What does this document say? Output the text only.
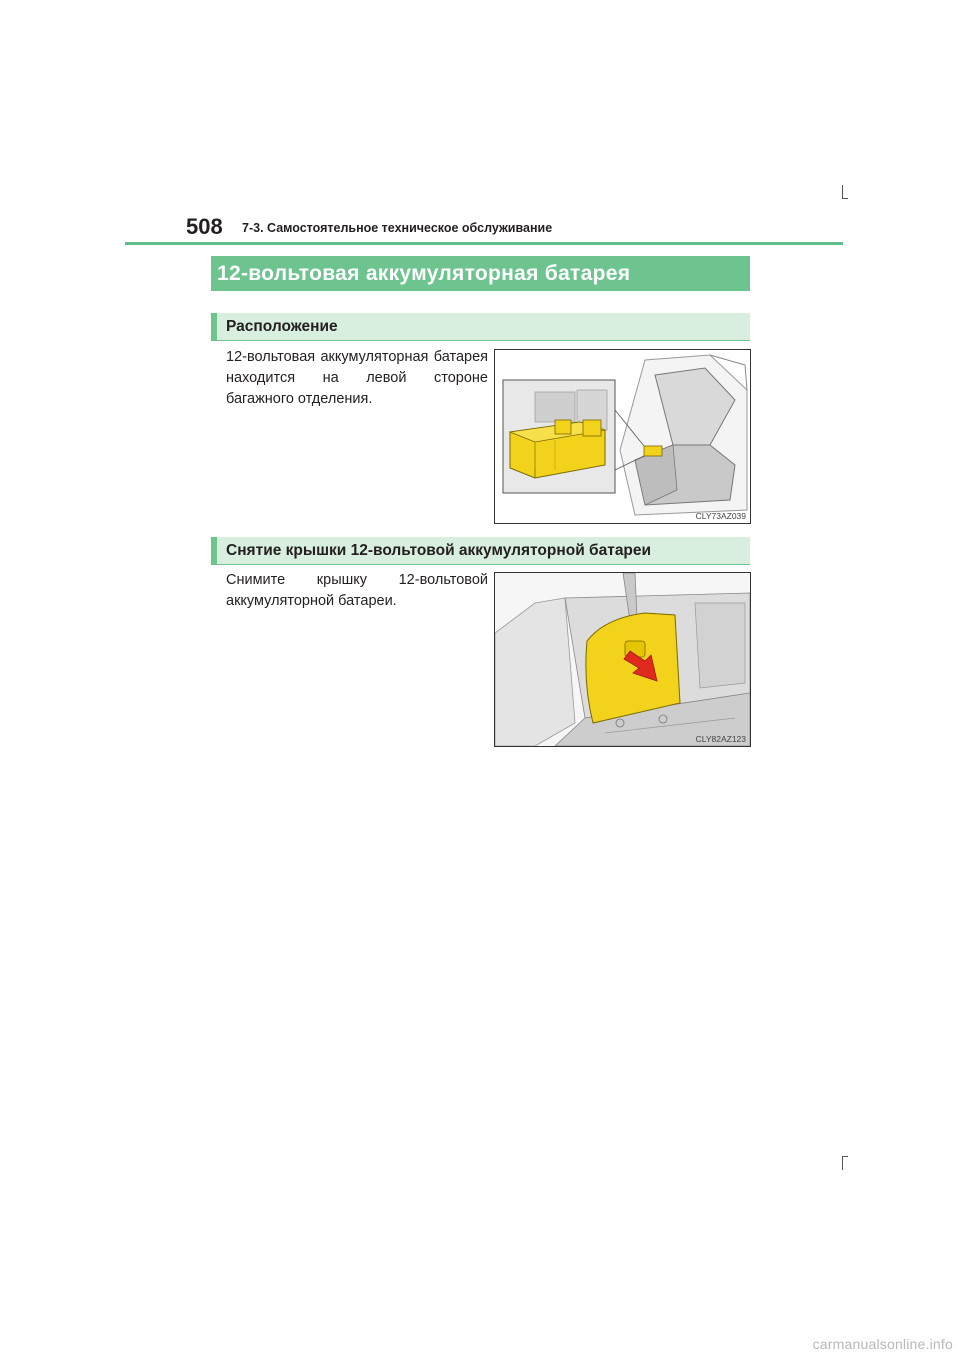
508 7-3. Самостоятельное техническое обслуживание
12-вольтовая аккумуляторная батарея
Расположение
12-вольтовая аккумуляторная батарея находится на левой стороне багажного отделения.
CLY73AZ039
Снятие крышки 12-вольтовой аккумуляторной батареи
Снимите крышку 12-вольтовой аккумуляторной батареи.
CLY82AZ123
carmanualsonline.info
